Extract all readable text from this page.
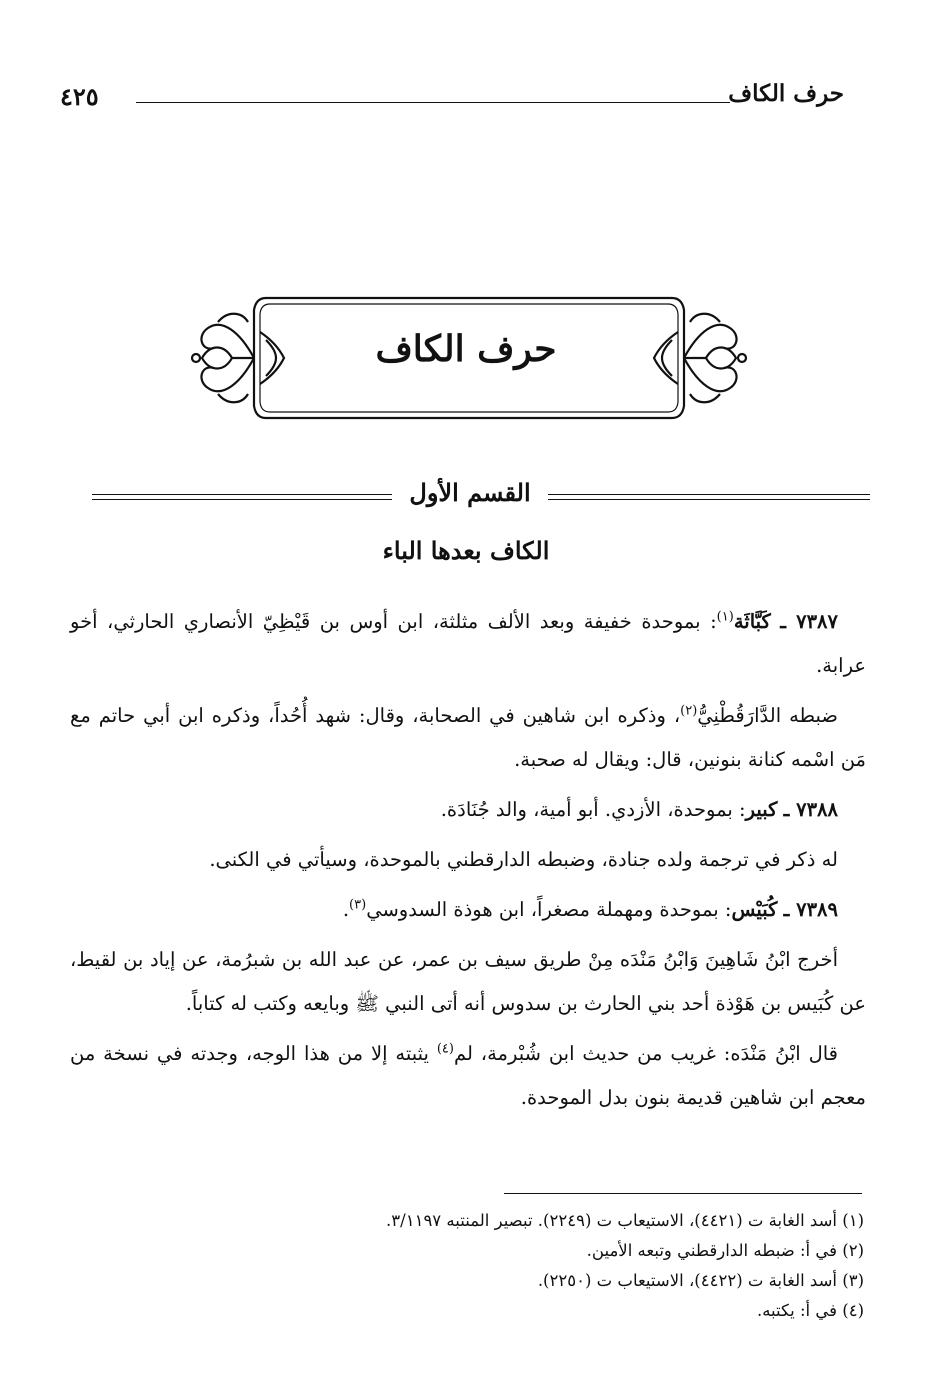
حرف الكاف
٤٢٥
حرف الكاف
القسم الأول
الكاف بعدها الباء

٧٣٨٧ ـ كَبَّاثَة$^{(١)}$: بموحدة خفيفة وبعد الألف مثلثة، ابن أوس بن قَيْظِيّ الأنصاري الحارثي، أخو عرابة.

ضبطه الدَّارَقُطْنِيُّ$^{(٢)}$، وذكره ابن شاهين في الصحابة، وقال: شهد أُحُداً، وذكره ابن أبي حاتم مع مَن اسْمه كنانة بنونين، قال: ويقال له صحبة.

٧٣٨٨ ـ كبير: بموحدة، الأزدي. أبو أمية، والد جُنَادَة.

له ذكر في ترجمة ولده جنادة، وضبطه الدارقطني بالموحدة، وسيأتي في الكنى.

٧٣٨٩ ـ كُبَيْس: بموحدة ومهملة مصغراً، ابن هوذة السدوسي$^{(٣)}$.

أخرج ابْنُ شَاهِينَ وَابْنُ مَنْدَه مِنْ طريق سيف بن عمر، عن عبد الله بن شبرُمة، عن إياد بن لقيط، عن كُبَيس بن هَوْذة أحد بني الحارث بن سدوس أنه أتى النبي ﷺ وبايعه وكتب له كتاباً.

قال ابْنُ مَنْدَه: غريب من حديث ابن شُبْرمة، لم$^{(٤)}$ يثبته إلا من هذا الوجه، وجدته في نسخة من معجم ابن شاهين قديمة بنون بدل الموحدة.

(١) أسد الغابة ت (٤٤٢١)، الاستيعاب ت (٢٢٤٩). تبصير المنتبه ٣/١١٩٧.
(٢) في أ: ضبطه الدارقطني وتبعه الأمين.
(٣) أسد الغابة ت (٤٤٢٢)، الاستيعاب ت (٢٢٥٠).
(٤) في أ: يكتبه.
